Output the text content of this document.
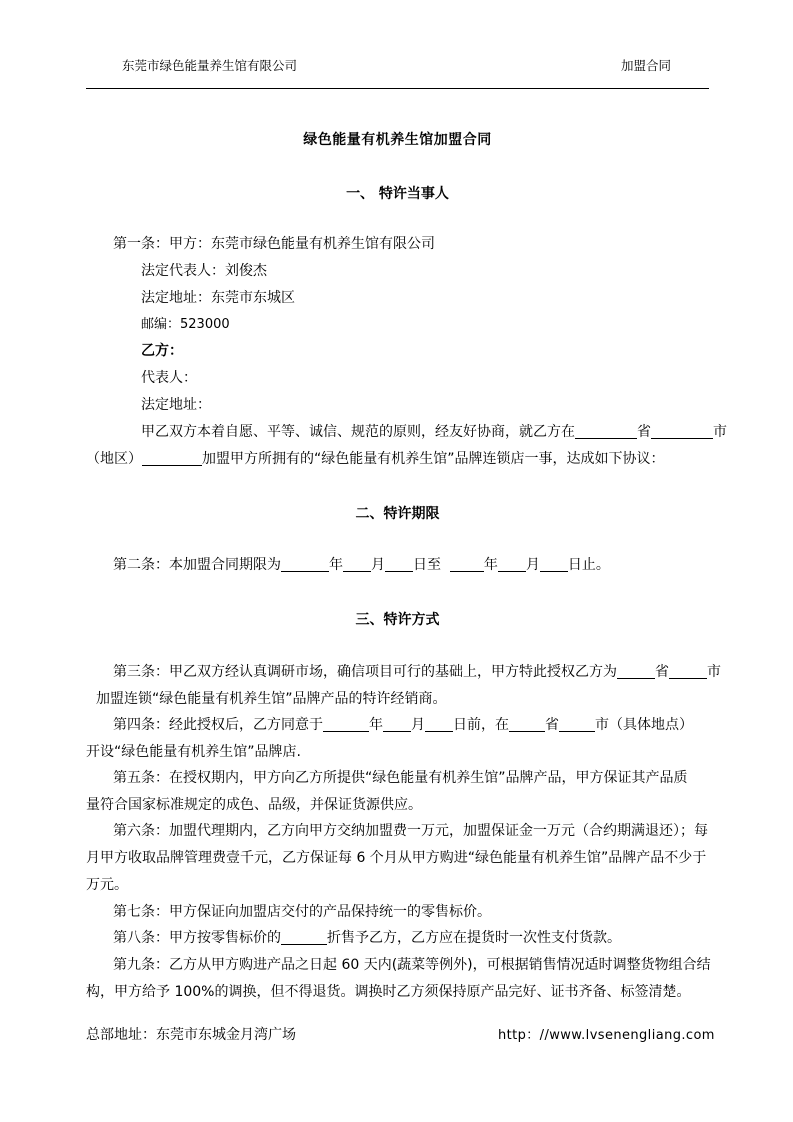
东莞市绿色能量养生馆有限公司	加盟合同
绿色能量有机养生馆加盟合同
一、 特许当事人
第一条：甲方：东莞市绿色能量有机养生馆有限公司
法定代表人：刘俊杰
法定地址：东莞市东城区
邮编：523000
乙方：
代表人：
法定地址：
甲乙双方本着自愿、平等、诚信、规范的原则，经友好协商，就乙方在	省	市
（地区）	加盟甲方所拥有的“绿色能量有机养生馆”品牌连锁店一事，达成如下协议：
二、特许期限
第二条：本加盟合同期限为	年 月 日至	年 月 日止。
三、特许方式
第三条：甲乙双方经认真调研市场，确信项目可行的基础上，甲方特此授权乙方为	省	市
加盟连锁“绿色能量有机养生馆”品牌产品的特许经销商。
第四条：经此授权后，乙方同意于	年 月 日前，在	省	市（具体地点）
开设“绿色能量有机养生馆”品牌店.
第五条：在授权期内，甲方向乙方所提供“绿色能量有机养生馆”品牌产品，甲方保证其产品质
量符合国家标准规定的成色、品级，并保证货源供应。
第六条：加盟代理期内，乙方向甲方交纳加盟费一万元，加盟保证金一万元（合约期满退还）；每
月甲方收取品牌管理费壹千元，乙方保证每 6 个月从甲方购进“绿色能量有机养生馆”品牌产品不少于
万元。
第七条：甲方保证向加盟店交付的产品保持统一的零售标价。
第八条：甲方按零售标价的	折售予乙方，乙方应在提货时一次性支付货款。
第九条：乙方从甲方购进产品之日起 60 天内(蔬菜等例外)，可根据销售情况适时调整货物组合结
构，甲方给予 100%的调换，但不得退货。调换时乙方须保持原产品完好、证书齐备、标签清楚。
总部地址：东莞市东城金月湾广场	http：//www.lvsenengliang.com
